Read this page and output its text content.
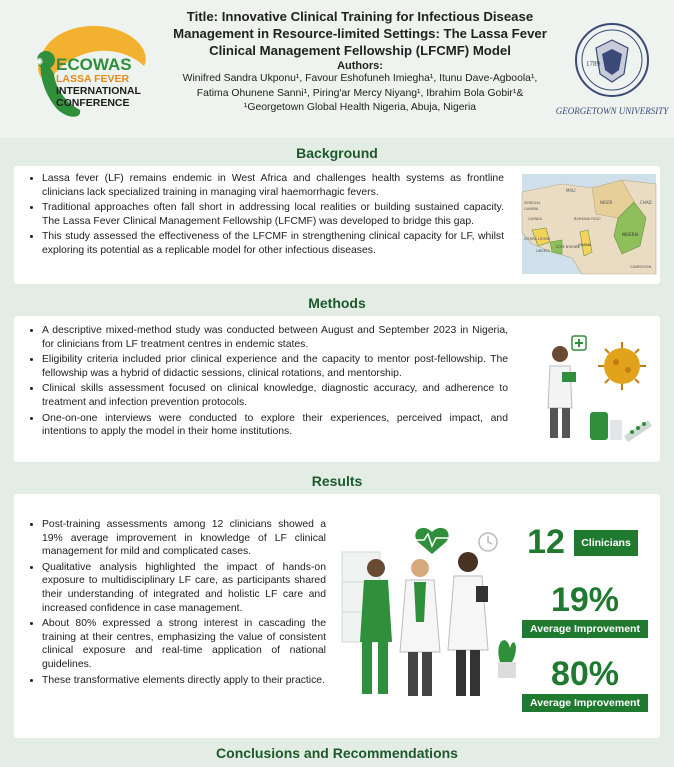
✺ ECOWAS
LASSA FEVER
INTERNATIONAL
CONFERENCE
Title: Innovative Clinical Training for Infectious Disease Management in Resource-limited Settings: The Lassa Fever Clinical Management Fellowship (LFCMF) Model
Authors:
Winifred Sandra Ukponu¹, Favour Eshofuneh Imiegha¹, Itunu Dave-Agboola¹,
Fatima Ohunene Sanni¹, Piring'ar Mercy Niyang¹, Ibrahim Bola Gobir¹&
¹Georgetown Global Health Nigeria, Abuja, Nigeria
1789
GEORGETOWN UNIVERSITY
Background
• Lassa fever (LF) remains endemic in West Africa and challenges health systems as frontline clinicians lack specialized training in managing viral haemorrhagic fevers.
• Traditional approaches often fall short in addressing local realities or building sustained capacity. The Lassa Fever Clinical Management Fellowship (LFCMF) was developed to bridge this gap.
• This study assessed the effectiveness of the LFCMF in strengthening clinical capacity for LF, whilst exploring its potential as a replicable model for other infectious diseases.
MALI
SENEGAL
GAMBIA
GUINEA
SIERRA LEONE
LIBERIA
BURKINA FASO
NIGER
GHANA
NIGERIA
CHAD
COTE D'IVOIRE
CAMEROON
Methods
• A descriptive mixed-method study was conducted between August and September 2023 in Nigeria, for clinicians from LF treatment centres in endemic states.
• Eligibility criteria included prior clinical experience and the capacity to mentor post-fellowship. The fellowship was a hybrid of didactic sessions, clinical rotations, and mentorship.
• Clinical skills assessment focused on clinical knowledge, diagnostic accuracy, and adherence to treatment and infection prevention protocols.
• One-on-one interviews were conducted to explore their experiences, perceived impact, and intentions to apply the model in their home institutions.
Results
• Post-training assessments among 12 clinicians showed a 19% average improvement in knowledge of LF clinical management for mild and complicated cases.
• Qualitative analysis highlighted the impact of hands-on exposure to multidisciplinary LF care, as participants shared their understanding of integrated and holistic LF care and increased confidence in case management.
• About 80% expressed a strong interest in cascading the training at their centres, emphasizing the value of consistent clinical exposure and real-time application of national guidelines.
• These transformative elements directly apply to their practice.
12	Clinicians
19%
Average Improvement
80%
Average Improvement
Conclusions and Recommendations
